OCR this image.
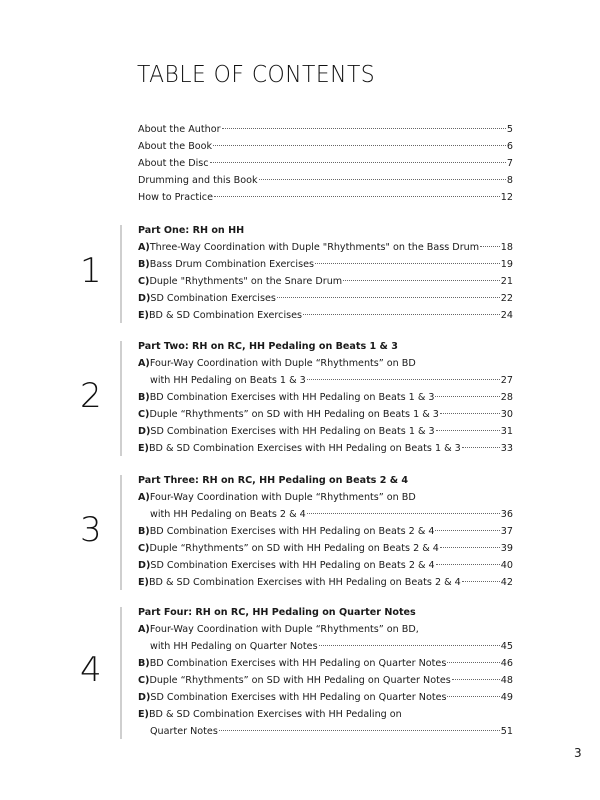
TABLE OF CONTENTS
About the Author	5
About the Book	6
About the Disc	7
Drumming and this Book	8
How to Practice	12
Part One: RH on HH
A) Three-Way Coordination with Duple "Rhythments" on the Bass Drum 18
B) Bass Drum Combination Exercises	19
C) Duple "Rhythments" on the Snare Drum	21
D) SD Combination Exercises	22
E) BD & SD Combination Exercises	24
1
Part Two: RH on RC, HH Pedaling on Beats 1 & 3
A) Four-Way Coordination with Duple “Rhythments” on BD
with HH Pedaling on Beats 1 & 3	27
B) BD Combination Exercises with HH Pedaling on Beats 1 & 3	28
C) Duple “Rhythments” on SD with HH Pedaling on Beats 1 & 3	30
D) SD Combination Exercises with HH Pedaling on Beats 1 & 3	31
E) BD & SD Combination Exercises with HH Pedaling on Beats 1 & 3	33
2
Part Three: RH on RC, HH Pedaling on Beats 2 & 4
A) Four-Way Coordination with Duple “Rhythments” on BD
with HH Pedaling on Beats 2 & 4	36
B) BD Combination Exercises with HH Pedaling on Beats 2 & 4	37
C) Duple “Rhythments” on SD with HH Pedaling on Beats 2 & 4	39
D) SD Combination Exercises with HH Pedaling on Beats 2 & 4	40
E) BD & SD Combination Exercises with HH Pedaling on Beats 2 & 4	42
3
Part Four: RH on RC, HH Pedaling on Quarter Notes
A) Four-Way Coordination with Duple “Rhythments” on BD,
with HH Pedaling on Quarter Notes	45
B) BD Combination Exercises with HH Pedaling on Quarter Notes	46
C) Duple “Rhythments” on SD with HH Pedaling on Quarter Notes	48
D) SD Combination Exercises with HH Pedaling on Quarter Notes	49
E) BD & SD Combination Exercises with HH Pedaling on
Quarter Notes	51
4
3
